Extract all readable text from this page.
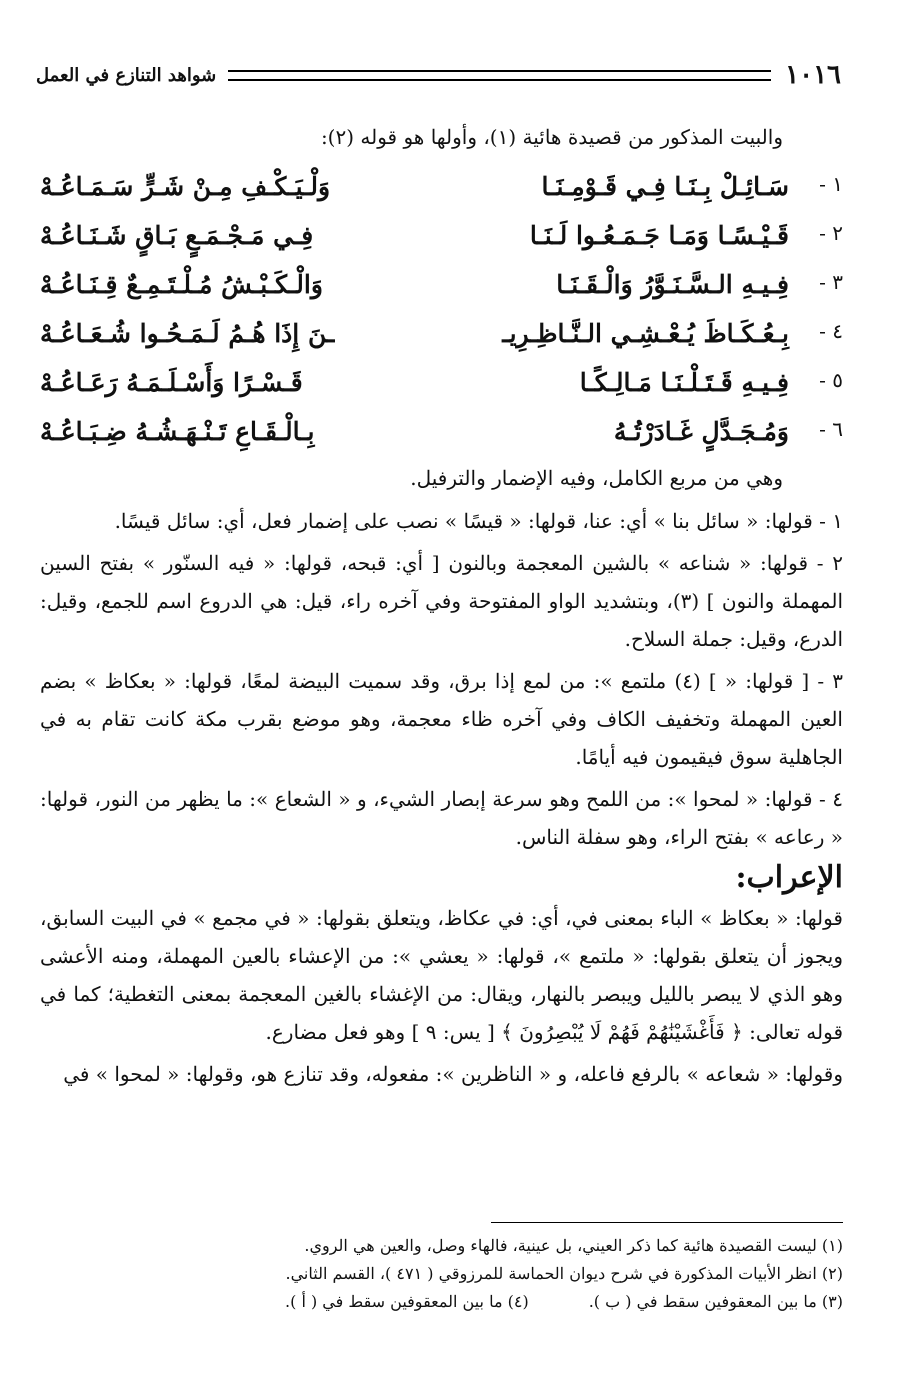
١٠١٦
شواهد التنازع في العمل

والبيت المذكور من قصيدة هائية (١)، وأولها هو قوله (٢):

١ -
سَـائِـلْ بِـنَـا فِـي قَـوْمِـنَـا
وَلْـيَـكْـفِ مِـنْ شَـرٍّ سَـمَـاعُـهْ
٢ -
قَـيْـسًـا وَمَـا جَـمَـعُـوا لَـنَـا
فِـي مَـجْـمَـعٍ بَـاقٍ شَـنَـاعُـهْ
٣ -
فِـيـهِ الـسَّـنَـوَّرُ وَالْـقَـنَـا
وَالْـكَـبْـشُ مُـلْـتَـمِـعٌ قِـنَـاعُـهْ
٤ -
بِـعُـكَـاظَ يُـعْـشِـي الـنَّـاظِـرِيـ
ـنَ إِذَا هُـمُ لَـمَـحُـوا شُـعَـاعُـهْ
٥ -
فِـيـهِ قَـتَـلْـنَـا مَـالِـكًـا
قَـسْـرًا وَأَسْـلَـمَـهُ رَعَـاعُـهْ
٦ -
وَمُـجَـدَّلٍ غَـادَرْتُـهُ
بِـالْـقَـاعِ تَـنْـهَـشُـهُ ضِـبَـاعُـهْ

وهي من مربع الكامل، وفيه الإضمار والترفيل.

١ - قولها: « سائل بنا » أي: عنا، قولها: « قيسًا » نصب على إضمار فعل، أي: سائل قيسًا.

٢ - قولها: « شناعه » بالشين المعجمة وبالنون [ أي: قبحه، قولها: « فيه السنّور » بفتح السين المهملة والنون ] (٣)، وبتشديد الواو المفتوحة وفي آخره راء، قيل: هي الدروع اسم للجمع، وقيل: الدرع، وقيل: جملة السلاح.

٣ - [ قولها: « ] (٤) ملتمع »: من لمع إذا برق، وقد سميت البيضة لمعًا، قولها: « بعكاظ » بضم العين المهملة وتخفيف الكاف وفي آخره ظاء معجمة، وهو موضع بقرب مكة كانت تقام به في الجاهلية سوق فيقيمون فيه أيامًا.

٤ - قولها: « لمحوا »: من اللمح وهو سرعة إبصار الشيء، و « الشعاع »: ما يظهر من النور، قولها: « رعاعه » بفتح الراء، وهو سفلة الناس.

الإعراب:

قولها: « بعكاظ » الباء بمعنى في، أي: في عكاظ، ويتعلق بقولها: « في مجمع » في البيت السابق، ويجوز أن يتعلق بقولها: « ملتمع »، قولها: « يعشي »: من الإعشاء بالعين المهملة، ومنه الأعشى وهو الذي لا يبصر بالليل ويبصر بالنهار، ويقال: من الإغشاء بالغين المعجمة بمعنى التغطية؛ كما في قوله تعالى: ﴿ فَأَغْشَيْنَٰهُمْ فَهُمْ لَا يُبْصِرُونَ ﴾ [ يس: ٩ ] وهو فعل مضارع.

وقولها: « شعاعه » بالرفع فاعله، و « الناظرين »: مفعوله، وقد تنازع هو، وقولها: « لمحوا » في

(١) ليست القصيدة هائية كما ذكر العيني، بل عينية، فالهاء وصل، والعين هي الروي.
(٢) انظر الأبيات المذكورة في شرح ديوان الحماسة للمرزوقي ( ٤٧١ )، القسم الثاني.
(٣) ما بين المعقوفين سقط في ( ب ).
(٤) ما بين المعقوفين سقط في ( أ ).
